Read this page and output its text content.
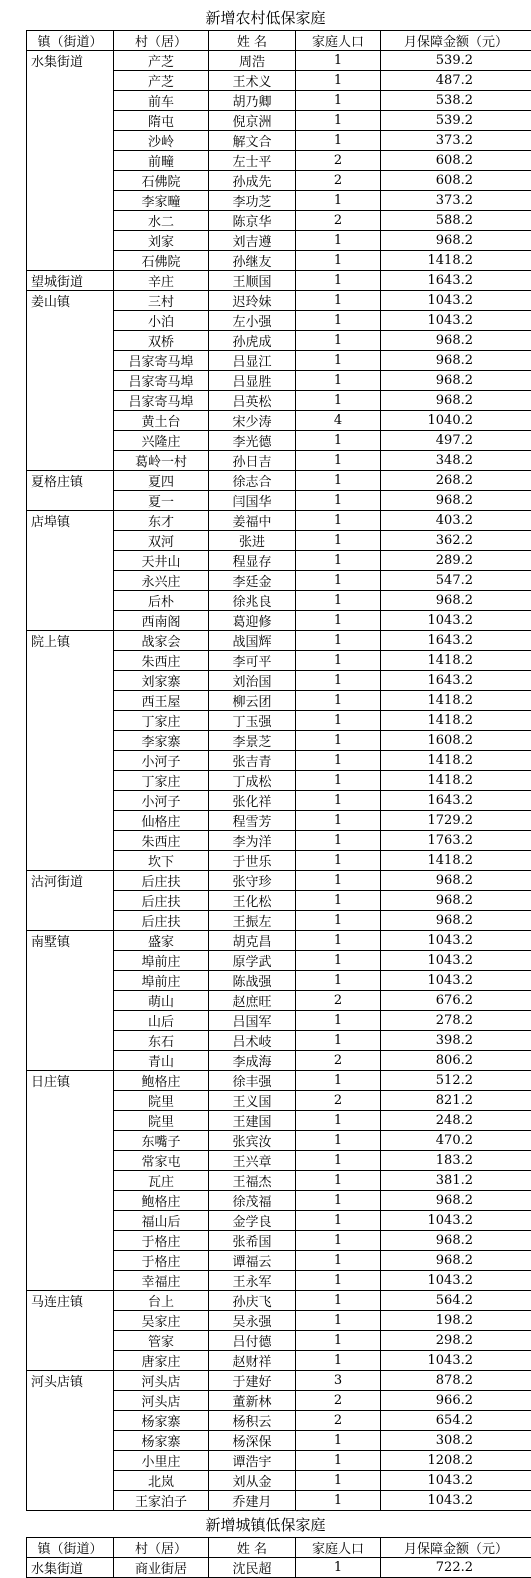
新增农村低保家庭
镇（街道）	村（居）	姓 名	家庭人口	月保障金额（元）
水集街道	产芝	周浩	1	539.2
	产芝	王术义	1	487.2
	前车	胡乃卿	1	538.2
	隋屯	倪京洲	1	539.2
	沙岭	解文合	1	373.2
	前疃	左士平	2	608.2
	石佛院	孙成先	2	608.2
	李家疃	李功芝	1	373.2
	水二	陈京华	2	588.2
	刘家	刘吉遵	1	968.2
	石佛院	孙继友	1	1418.2
望城街道	辛庄	王顺国	1	1643.2
姜山镇	三村	迟玲妹	1	1043.2
	小泊	左小强	1	1043.2
	双桥	孙虎成	1	968.2
	吕家寄马埠	吕显江	1	968.2
	吕家寄马埠	吕显胜	1	968.2
	吕家寄马埠	吕英松	1	968.2
	黄土台	宋少涛	4	1040.2
	兴隆庄	李光德	1	497.2
	葛岭一村	孙日吉	1	348.2
夏格庄镇	夏四	徐志合	1	268.2
	夏一	闫国华	1	968.2
店埠镇	东才	姜福中	1	403.2
	双河	张进	1	362.2
	天井山	程显存	1	289.2
	永兴庄	李廷金	1	547.2
	后朴	徐兆良	1	968.2
	西南阁	葛迎修	1	1043.2
院上镇	战家会	战国辉	1	1643.2
	朱西庄	李可平	1	1418.2
	刘家寨	刘治国	1	1643.2
	西王屋	柳云团	1	1418.2
	丁家庄	丁玉强	1	1418.2
	李家寨	李景芝	1	1608.2
	小河子	张吉青	1	1418.2
	丁家庄	丁成松	1	1418.2
	小河子	张化祥	1	1643.2
	仙格庄	程雪芳	1	1729.2
	朱西庄	李为洋	1	1763.2
	坎下	于世乐	1	1418.2
沽河街道	后庄扶	张守珍	1	968.2
	后庄扶	王化松	1	968.2
	后庄扶	王振左	1	968.2
南墅镇	盛家	胡克昌	1	1043.2
	埠前庄	原学武	1	1043.2
	埠前庄	陈战强	1	1043.2
	萌山	赵庶旺	2	676.2
	山后	吕国军	1	278.2
	东石	吕术岐	1	398.2
	青山	李成海	2	806.2
日庄镇	鲍格庄	徐丰强	1	512.2
	院里	王义国	2	821.2
	院里	王建国	1	248.2
	东嘴子	张宾汝	1	470.2
	常家屯	王兴章	1	183.2
	瓦庄	王福杰	1	381.2
	鲍格庄	徐茂福	1	968.2
	福山后	金学良	1	1043.2
	于格庄	张希国	1	968.2
	于格庄	谭福云	1	968.2
	幸福庄	王永军	1	1043.2
马连庄镇	台上	孙庆飞	1	564.2
	吴家庄	吴永强	1	198.2
	管家	吕付德	1	298.2
	唐家庄	赵财祥	1	1043.2
河头店镇	河头店	于建好	3	878.2
	河头店	董新林	2	966.2
	杨家寨	杨积云	2	654.2
	杨家寨	杨深保	1	308.2
	小里庄	谭浩宇	1	1208.2
	北岚	刘从金	1	1043.2
	王家泊子	乔建月	1	1043.2
新增城镇低保家庭
镇（街道）	村（居）	姓 名	家庭人口	月保障金额（元）
水集街道	商业街居	沈民超	1	722.2
